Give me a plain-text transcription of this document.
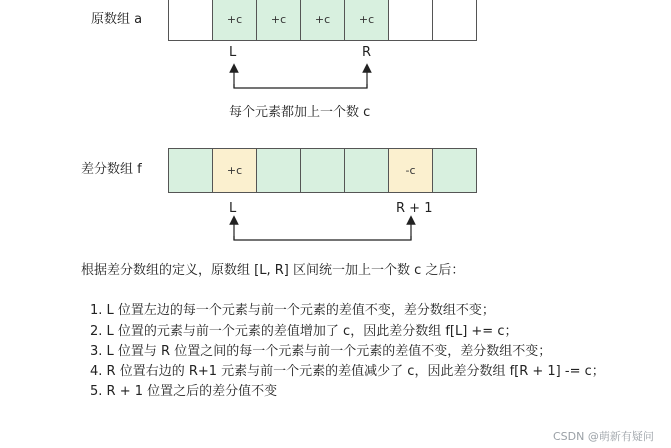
原数组 a	+c	+c	+c	+c
L	R
每个元素都加上一个数 c
差分数组 f	+c	-c
L	R + 1
根据差分数组的定义，原数组 [L, R] 区间统一加上一个数 c 之后：
1. L 位置左边的每一个元素与前一个元素的差值不变，差分数组不变；
2. L 位置的元素与前一个元素的差值增加了 c，因此差分数组 f[L] += c；
3. L 位置与 R 位置之间的每一个元素与前一个元素的差值不变，差分数组不变；
4. R 位置右边的 R+1 元素与前一个元素的差值减少了 c，因此差分数组 f[R + 1] -= c；
5. R + 1 位置之后的差分值不变
CSDN @萌新有疑问
